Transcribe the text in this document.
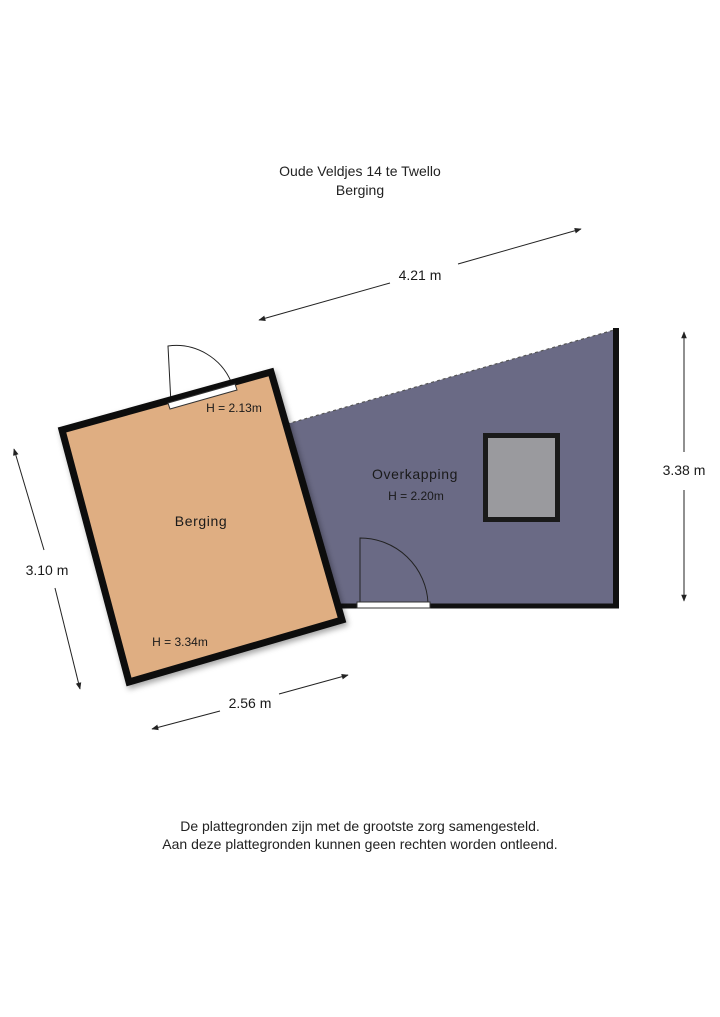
Oude Veldjes 14 te Twello
Berging
Overkapping
H = 2.20m
Berging
H = 2.13m
H = 3.34m
4.21 m
3.38 m
3.10 m
2.56 m
De plattegronden zijn met de grootste zorg samengesteld.
Aan deze plattegronden kunnen geen rechten worden ontleend.
